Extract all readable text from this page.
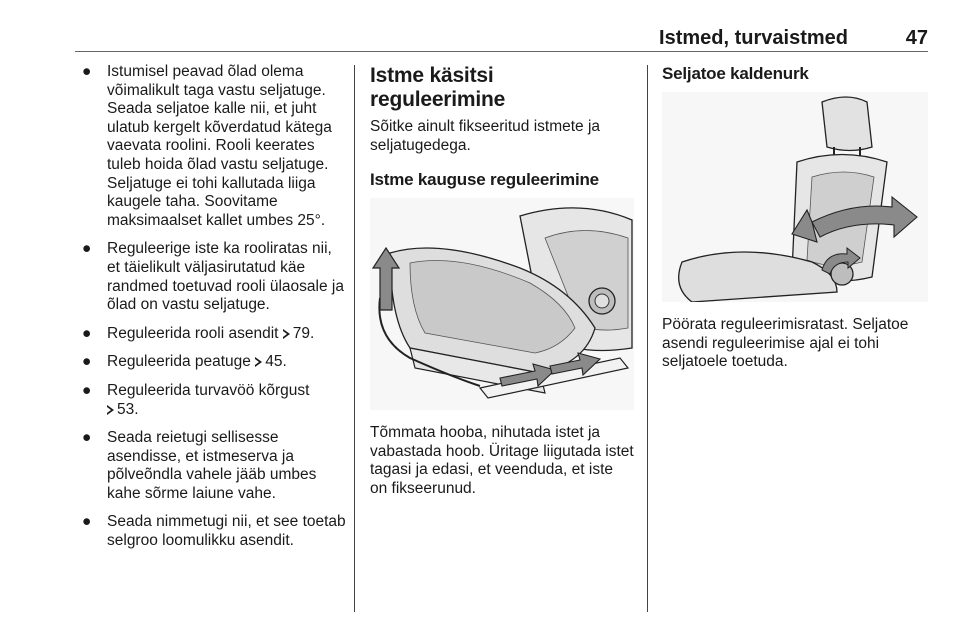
Istmed, turvaistmed	47
● Istumisel peavad õlad olema võimalikult taga vastu seljatuge. Seada seljatoe kalle nii, et juht ulatub kergelt kõverdatud kätega vaevata roolini. Rooli keerates tuleb hoida õlad vastu seljatuge. Seljatuge ei tohi kallutada liiga kaugele taha. Soovitame maksimaalset kallet umbes 25°.
● Reguleerige iste ka rooliratas nii, et täielikult väljasirutatud käe randmed toetuvad rooli ülaosale ja õlad on vastu seljatuge.
● Reguleerida rooli asendit 79.
● Reguleerida peatuge 45.
● Reguleerida turvavöö kõrgust
53.
● Seada reietugi sellisesse asendisse, et istmeserva ja põlveõndla vahele jääb umbes kahe sõrme laiune vahe.
● Seada nimmetugi nii, et see toetab selgroo loomulikku asendit.
Istme käsitsi reguleerimine

Sõitke ainult fikseeritud istmete ja seljatugedega.

Istme kauguse reguleerimine

Tõmmata hooba, nihutada istet ja vabastada hoob. Üritage liigutada istet tagasi ja edasi, et veenduda, et iste on fikseerunud.

Seljatoe kaldenurk

Pöörata reguleerimisratast. Seljatoe asendi reguleerimise ajal ei tohi seljatoele toetuda.
